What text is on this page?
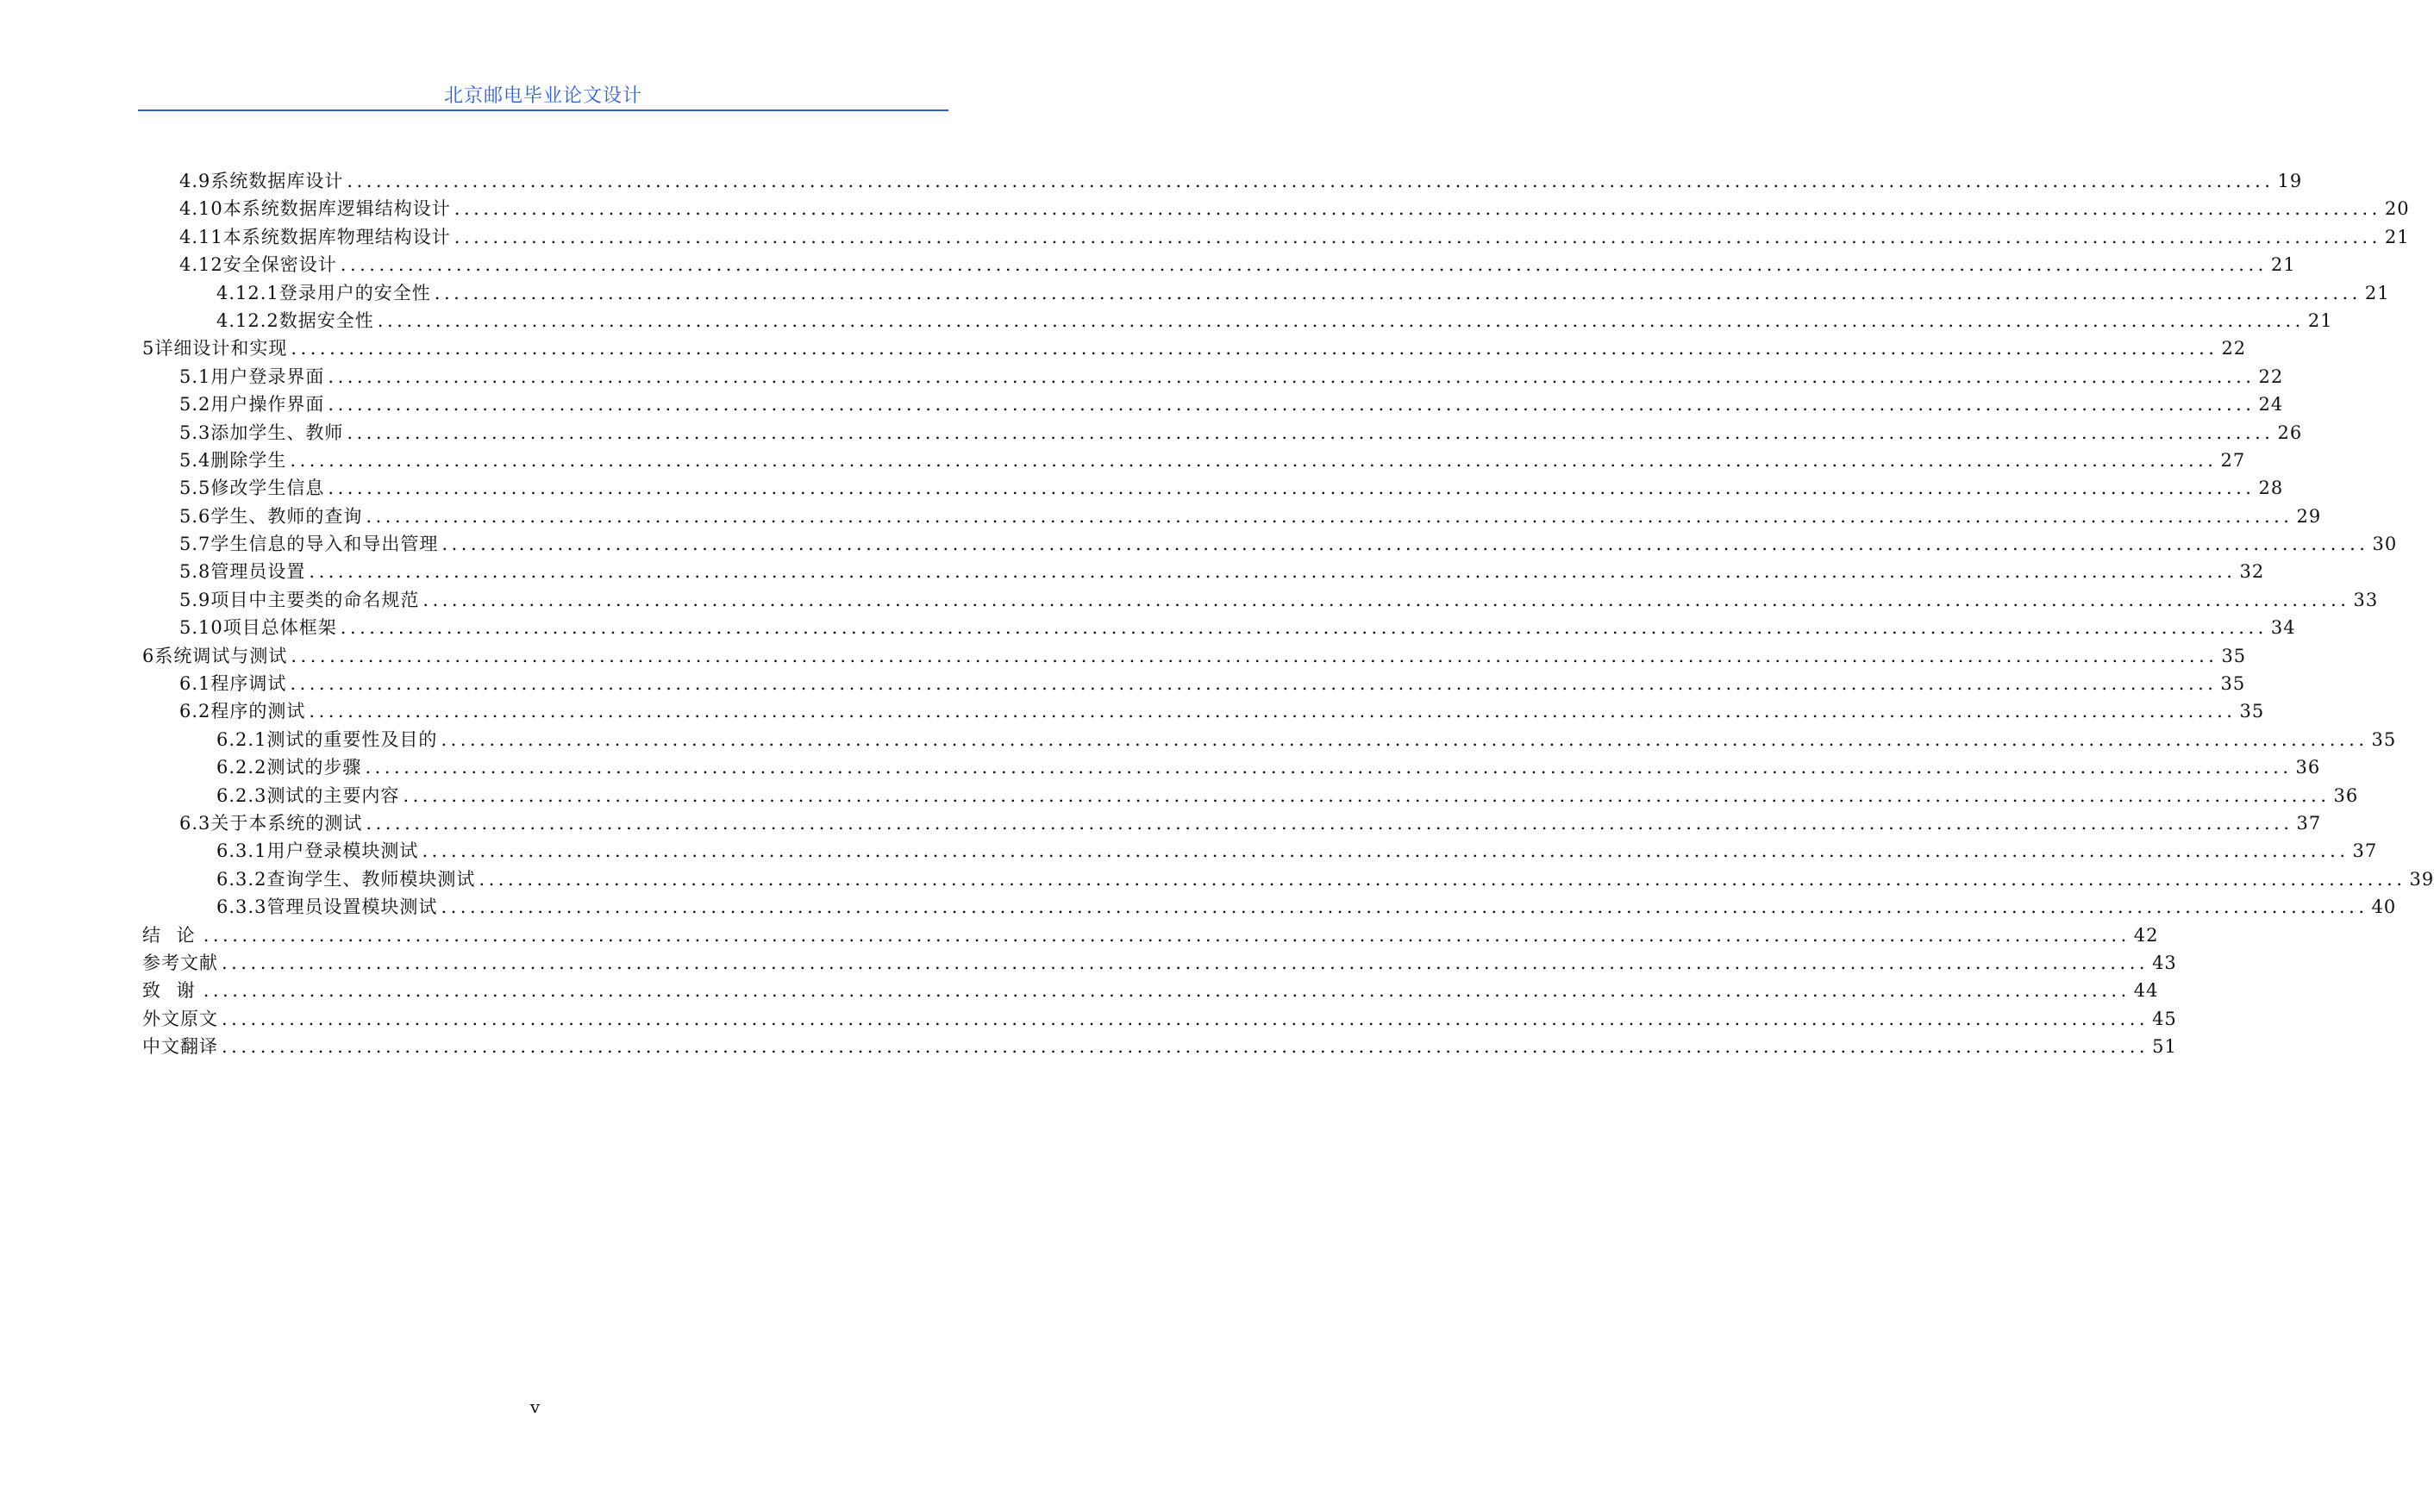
北京邮电毕业论文设计
4.9 系统数据库设计 ........................................................................................................................................................................................................ 19
4.10 本系统数据库逻辑结构设计 ........................................................................................................................................................................................................ 20
4.11 本系统数据库物理结构设计 ........................................................................................................................................................................................................ 21
4.12 安全保密设计 ........................................................................................................................................................................................................ 21
4.12.1 登录用户的安全性 ........................................................................................................................................................................................................ 21
4.12.2 数据安全性 ........................................................................................................................................................................................................ 21
5 详细设计和实现 ........................................................................................................................................................................................................ 22
5.1 用户登录界面 ........................................................................................................................................................................................................ 22
5.2 用户操作界面 ........................................................................................................................................................................................................ 24
5.3 添加学生、教师 ........................................................................................................................................................................................................ 26
5.4 删除学生 ........................................................................................................................................................................................................ 27
5.5 修改学生信息 ........................................................................................................................................................................................................ 28
5.6 学生、教师的查询 ........................................................................................................................................................................................................ 29
5.7 学生信息的导入和导出管理 ........................................................................................................................................................................................................ 30
5.8 管理员设置 ........................................................................................................................................................................................................ 32
5.9 项目中主要类的命名规范 ........................................................................................................................................................................................................ 33
5.10 项目总体框架 ........................................................................................................................................................................................................ 34
6 系统调试与测试 ........................................................................................................................................................................................................ 35
6.1 程序调试 ........................................................................................................................................................................................................ 35
6.2 程序的测试 ........................................................................................................................................................................................................ 35
6.2.1 测试的重要性及目的 ........................................................................................................................................................................................................ 35
6.2.2 测试的步骤 ........................................................................................................................................................................................................ 36
6.2.3 测试的主要内容 ........................................................................................................................................................................................................ 36
6.3 关于本系统的测试 ........................................................................................................................................................................................................ 37
6.3.1 用户登录模块测试 ........................................................................................................................................................................................................ 37
6.3.2 查询学生、教师模块测试 ........................................................................................................................................................................................................ 39
6.3.3 管理员设置模块测试 ........................................................................................................................................................................................................ 40
结 论 ........................................................................................................................................................................................................ 42
参考文献 ........................................................................................................................................................................................................ 43
致 谢 ........................................................................................................................................................................................................ 44
外文原文 ........................................................................................................................................................................................................ 45
中文翻译 ........................................................................................................................................................................................................ 51
v
